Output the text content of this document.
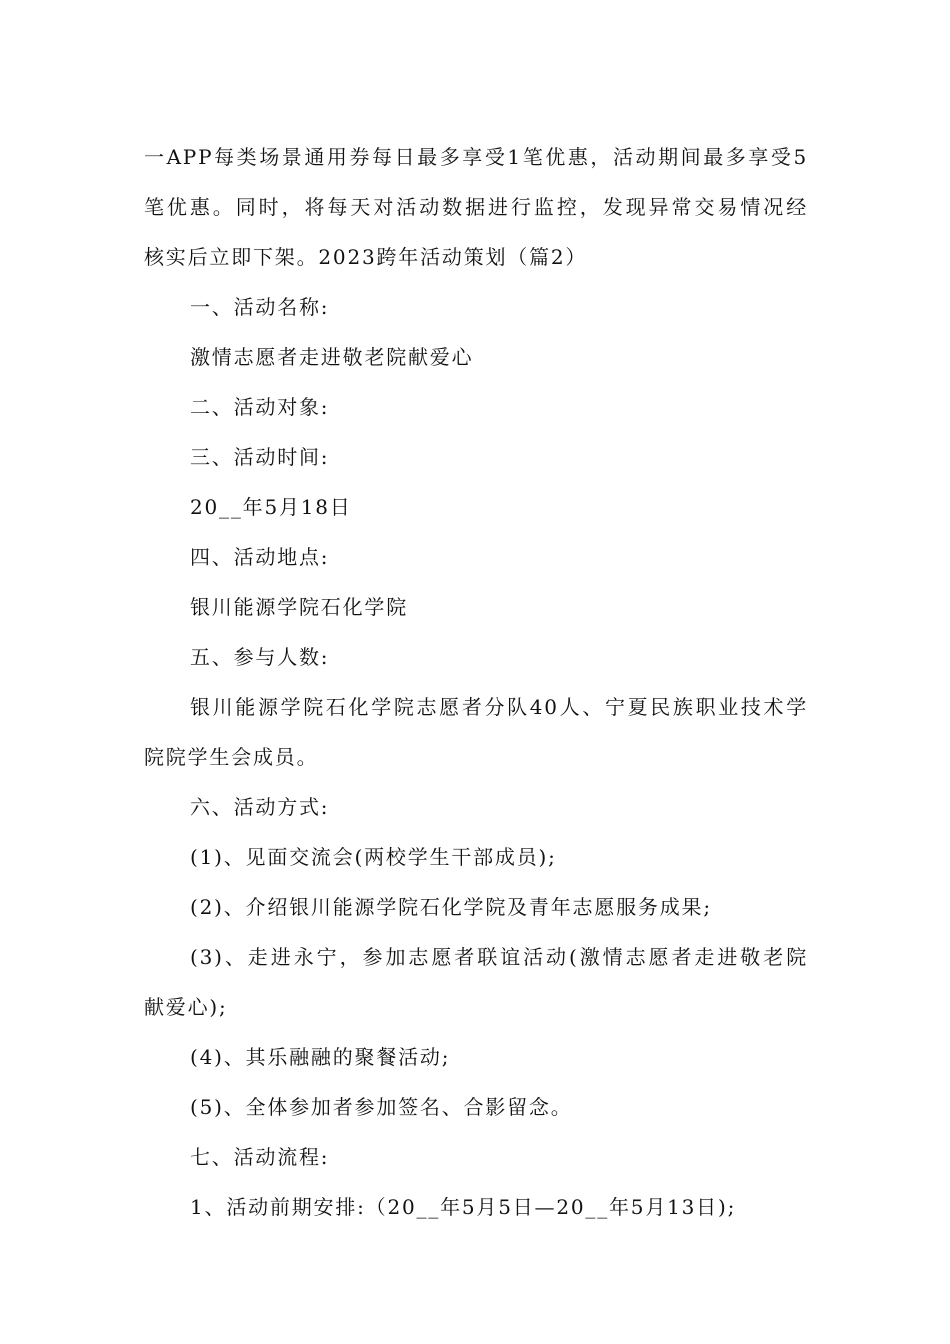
一APP每类场景通用券每日最多享受1笔优惠，活动期间最多享受5
笔优惠。同时，将每天对活动数据进行监控，发现异常交易情况经
核实后立即下架。2023跨年活动策划（篇2）
一、活动名称:
激情志愿者走进敬老院献爱心
二、活动对象:
三、活动时间:
20__年5月18日
四、活动地点:
银川能源学院石化学院
五、参与人数:
银川能源学院石化学院志愿者分队40人、宁夏民族职业技术学
院院学生会成员。
六、活动方式:
(1)、见面交流会(两校学生干部成员);
(2)、介绍银川能源学院石化学院及青年志愿服务成果;
(3)、走进永宁，参加志愿者联谊活动(激情志愿者走进敬老院
献爱心);
(4)、其乐融融的聚餐活动;
(5)、全体参加者参加签名、合影留念。
七、活动流程:
1、活动前期安排:（20__年5月5日—20__年5月13日);
